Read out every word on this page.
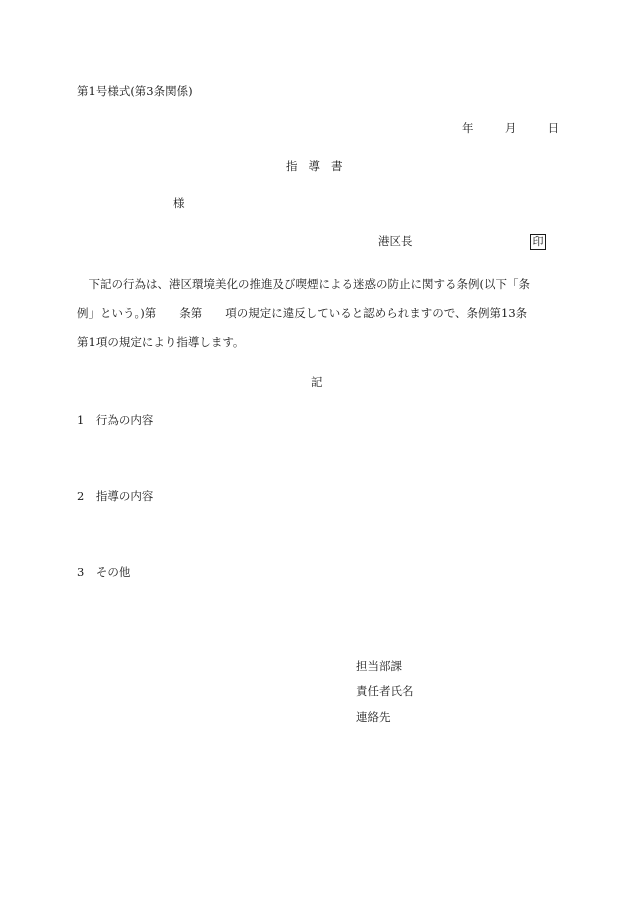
第1号様式(第3条関係)
年	月	日
指導書
様
港区長	印
　下記の行為は、港区環境美化の推進及び喫煙による迷惑の防止に関する条例(以下「条
例」という。)第　　条第　　項の規定に違反していると認められますので、条例第13条
第1項の規定により指導します。
記
1　行為の内容
2　指導の内容
3　その他
担当部課
責任者氏名
連絡先
